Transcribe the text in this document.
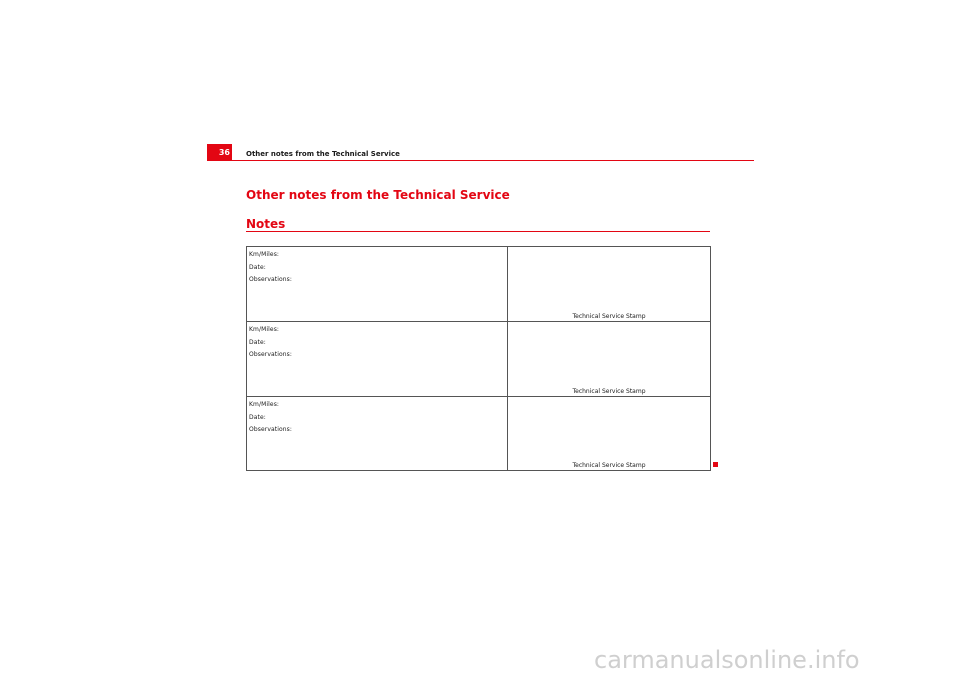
36 Other notes from the Technical Service
Other notes from the Technical Service
Notes
Km/Miles:
Date:
Observations:
Technical Service Stamp
Km/Miles:
Date:
Observations:
Technical Service Stamp
Km/Miles:
Date:
Observations:
Technical Service Stamp
carmanualsonline.info
